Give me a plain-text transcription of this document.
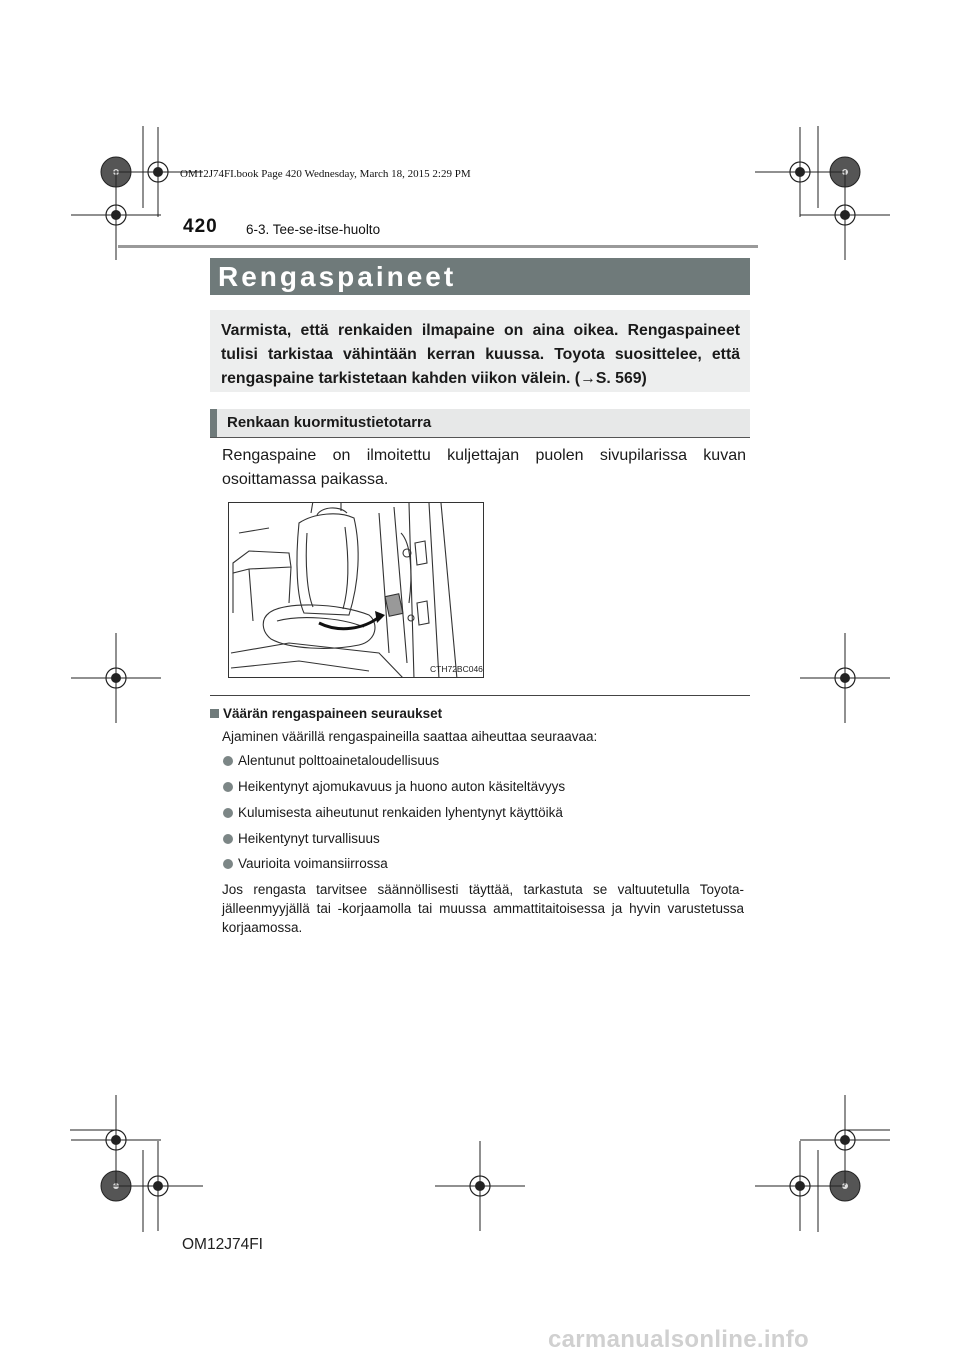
OM12J74FI.book Page 420 Wednesday, March 18, 2015 2:29 PM
420 6-3. Tee-se-itse-huolto
Rengaspaineet
Varmista, että renkaiden ilmapaine on aina oikea. Rengaspaineet tulisi tarkistaa vähintään kerran kuussa. Toyota suosittelee, että rengaspaine tarkistetaan kahden viikon välein. (→S. 569)
Renkaan kuormitustietotarra
Rengaspaine on ilmoitettu kuljettajan puolen sivupilarissa kuvan osoittamassa paikassa.
CTH72BC046
Väärän rengaspaineen seuraukset
Ajaminen väärillä rengaspaineilla saattaa aiheuttaa seuraavaa:
Alentunut polttoainetaloudellisuus
Heikentynyt ajomukavuus ja huono auton käsiteltävyys
Kulumisesta aiheutunut renkaiden lyhentynyt käyttöikä
Heikentynyt turvallisuus
Vaurioita voimansiirrossa
Jos rengasta tarvitsee säännöllisesti täyttää, tarkastuta se valtuutetulla Toyota-jälleenmyyjällä tai -korjaamolla tai muussa ammattitaitoisessa ja hyvin varustetussa korjaamossa.
OM12J74FI
carmanualsonline.info
